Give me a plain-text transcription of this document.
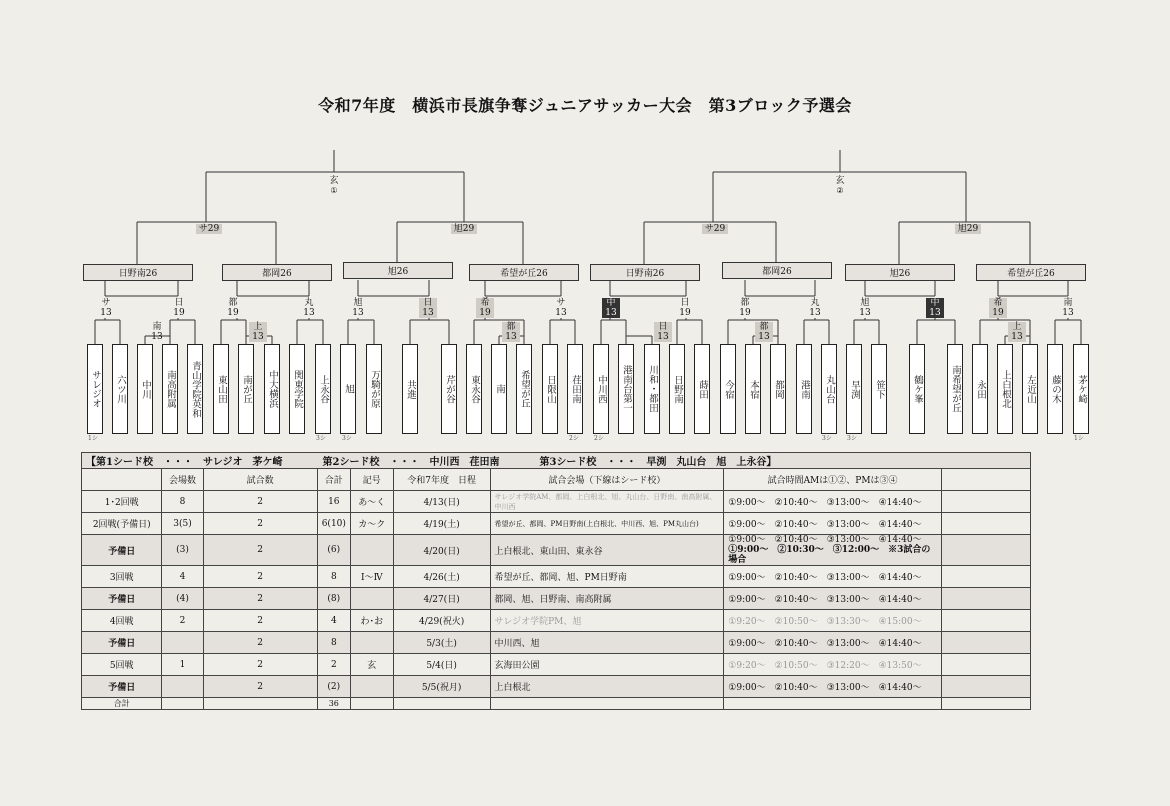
令和7年度　横浜市長旗争奪ジュニアサッカー大会　第3ブロック予選会
玄
①
玄
②
サ29	旭29	サ29	旭29
日野南26	都岡26	旭26	希望が丘26	日野南26	都岡26	旭26	希望が丘26
サ
13
日
19
都
19
丸
13
旭
13
日
13
希
19
サ
13
中
13
日
19
都
19
丸
13
旭
13
中
13
希
19
南
13
南
13
上
13
都
13
日
13
都
13
上
13
サレジオ 六ツ川 中川 南高附属 青山学院英和 東山田 南が丘 中大横浜 関東学院 上永谷 旭 万騎が原	共進	芹が谷 東永谷 南 希望が丘 日限山 荏田南 中川西 港南台第一 川和・都田 日野南 蒔田 今宿 本宿 都岡 港南 丸山台 早渕 笹下	鶴ケ峯	南希望が丘 永田 上白根北 左近山 藤の木 茅ケ崎
1シ	3シ	3シ	2シ	2シ	3シ	3シ	1シ
【第1シード校　・・・　サレジオ　茅ケ崎　　　　第2シード校　・・・　中川西　荏田南　　　　第3シード校　・・・　早渕　丸山台　旭　上永谷】								
	会場数	試合数	合計	記号	令和7年度　日程	試合会場（下線はシード校）	試合時間AMは①②、PMは③④	
1･2回戦	8	2	16	あ～く	4/13(日)	サレジオ学院AM、都岡、上白根北、旭、丸山台、日野南、南高附属、中川西	①9:00～　②10:40～　③13:00～　④14:40～	
2回戦(予備日)	3(5)	2	6(10)	カ～ク	4/19(土)	希望が丘、都岡、PM日野南(上白根北、中川西、旭、PM丸山台)	①9:00～　②10:40～　③13:00～　④14:40～	
予備日	(3)	2	(6)		4/20(日)	上白根北、東山田、東永谷	①9:00～　②10:40～　③13:00～　④14:40～
①9:00～　②10:30～　③12:00～　※3試合の場合	

3回戦	4	2	8	Ⅰ～Ⅳ	4/26(土)	希望が丘、都岡、旭、PM日野南	①9:00～　②10:40～　③13:00～　④14:40～	
予備日	(4)	2	(8)		4/27(日)	都岡、旭、日野南、南高附属	①9:00～　②10:40～　③13:00～　④14:40～	
4回戦	2	2	4	わ･お	4/29(祝火)	サレジオ学院PM、旭	①9:20～　②10:50～　③13:30～　④15:00～	
予備日		2	8		5/3(土)	中川西、旭	①9:00～　②10:40～　③13:00～　④14:40～	
5回戦	1	2	2	玄	5/4(日)	玄海田公園	①9:20～　②10:50～　③12:20～　④13:50～	
予備日		2	(2)		5/5(祝月)	上白根北	①9:00～　②10:40～　③13:00～　④14:40～	
合計			36					
